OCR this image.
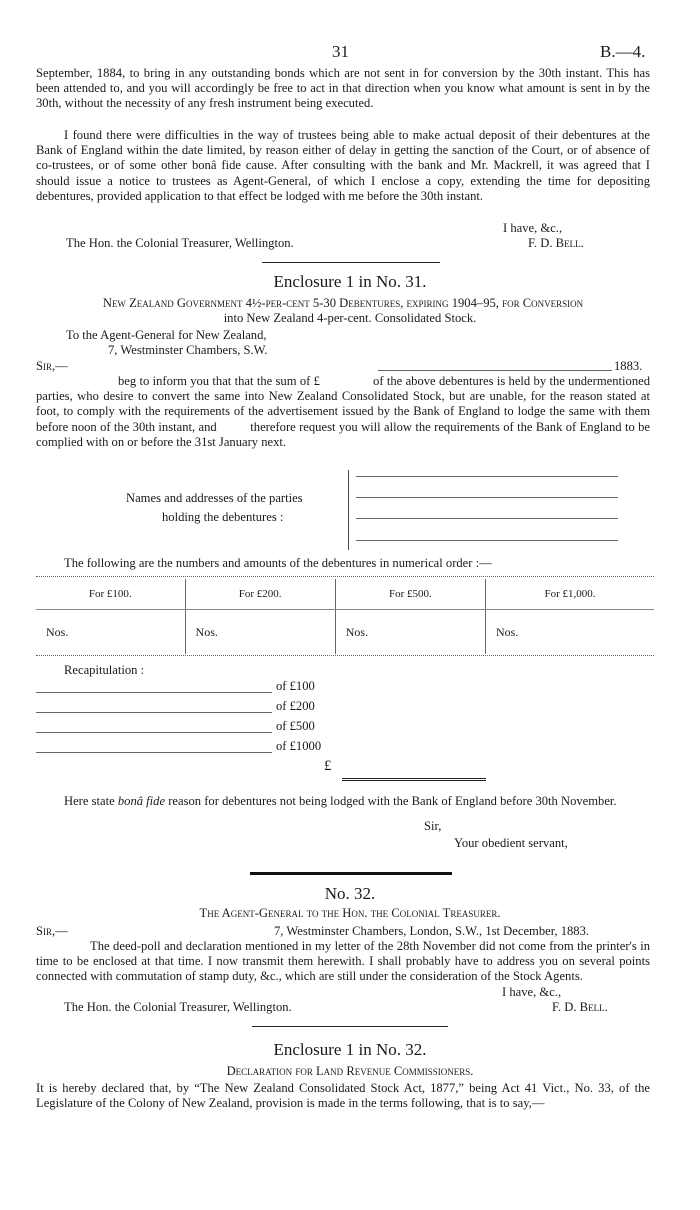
31	B.—4.
September, 1884, to bring in any outstanding bonds which are not sent in for conversion by the 30th instant. This has been attended to, and you will accordingly be free to act in that direction when you know what amount is sent in by the 30th, without the necessity of any fresh instrument being executed.
I found there were difficulties in the way of trustees being able to make actual deposit of their debentures at the Bank of England within the date limited, by reason either of delay in getting the sanction of the Court, or of absence of co-trustees, or of some other bonâ fide cause. After consulting with the bank and Mr. Mackrell, it was agreed that I should issue a notice to trustees as Agent-General, of which I enclose a copy, extending the time for depositing debentures, provided application to that effect be lodged with me before the 30th instant.
I have, &c.,
The Hon. the Colonial Treasurer, Wellington.	F. D. Bell.
Enclosure 1 in No. 31.
New Zealand Government 4½-per-cent 5-30 Debentures, expiring 1904–95, for Conversion
into New Zealand 4-per-cent. Consolidated Stock.
To the Agent-General for New Zealand,
7, Westminster Chambers, S.W.
Sir,—	1883.
beg to inform you that that the sum of £                of the above debentures is held by the undermentioned parties, who desire to convert the same into New Zealand Consolidated Stock, but are unable, for the reason stated at foot, to comply with the requirements of the advertisement issued by the Bank of England to lodge the same with them before noon of the 30th instant, and          therefore request you will allow the requirements of the Bank of England to be complied with on or before the 31st January next.
Names and addresses of the parties
holding the debentures :
The following are the numbers and amounts of the debentures in numerical order :—
For £100.	For £200.	For £500.	For £1,000.
Nos.	Nos.	Nos.	Nos.
Recapitulation :
of £100
of £200
of £500
of £1000
£
Here state bonâ fide reason for debentures not being lodged with the Bank of England before 30th November.
Sir,
Your obedient servant,
No. 32.
The Agent-General to the Hon. the Colonial Treasurer.
Sir,—	7, Westminster Chambers, London, S.W., 1st December, 1883.
The deed-poll and declaration mentioned in my letter of the 28th November did not come from the printer's in time to be enclosed at that time. I now transmit them herewith. I shall probably have to address you on several points connected with commutation of stamp duty, &c., which are still under the consideration of the Stock Agents.
I have, &c.,
The Hon. the Colonial Treasurer, Wellington.	F. D. Bell.
Enclosure 1 in No. 32.
Declaration for Land Revenue Commissioners.
It is hereby declared that, by “The New Zealand Consolidated Stock Act, 1877,” being Act 41 Vict., No. 33, of the Legislature of the Colony of New Zealand, provision is made in the terms following, that is to say,—
